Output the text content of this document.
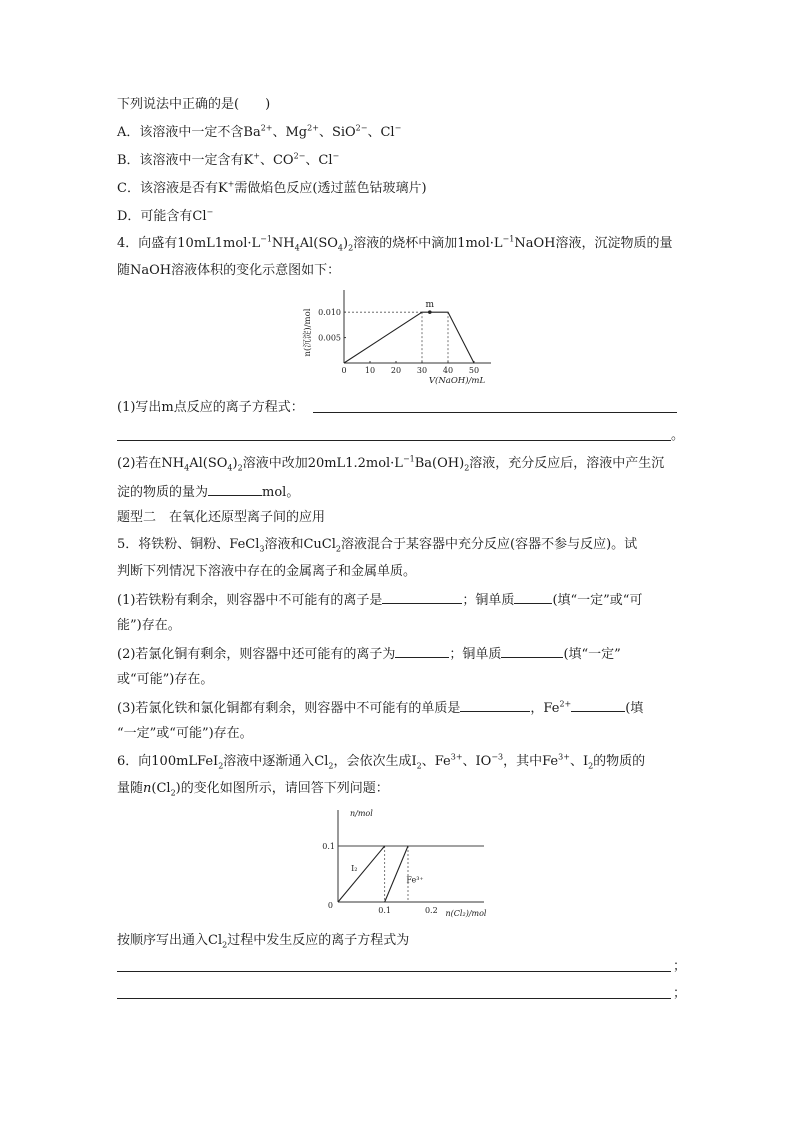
下列说法中正确的是(　　)
A．该溶液中一定不含$Ba^{2+}$、$Mg^{2+}$、SiO$^{2-}$、Cl−
B．该溶液中一定含有K+、$CO^{2-}$、Cl−
C．该溶液是否有K+需做焰色反应(透过蓝色钴玻璃片)
D．可能含有Cl−
4．向盛有$10mL1mol\cdot L^{-1}NH_4Al(SO_4)_2$溶液的烧杯中滴加$1mol\cdot L^{-1}NaOH$溶液，沉淀物质的量
随NaOH溶液体积的变化示意图如下：
0 10 20 30 40 50
0.005
0.010
m
V(NaOH)/mL
n(沉淀)/mol
(1)写出m点反应的离子方程式：
。
(2)若在$NH_4Al(SO_4)_2$溶液中改加$20mL1.2mol\cdot L^{-1}Ba(OH)_2$溶液，充分反应后，溶液中产生沉
淀的物质的量为	mol。
题型二　在氧化还原型离子间的应用
5．将铁粉、铜粉、FeCl$_3$溶液和CuCl$_2$溶液混合于某容器中充分反应(容器不参与反应)。试
判断下列情况下溶液中存在的金属离子和金属单质。
(1)若铁粉有剩余，则容器中不可能有的离子是	；铜单质	(填“一定”或“可
能”)存在。
(2)若氯化铜有剩余，则容器中还可能有的离子为	；铜单质	(填“一定”
或“可能”)存在。
(3)若氯化铁和氯化铜都有剩余，则容器中不可能有的单质是	，$Fe^{2+}$	(填
“一定”或“可能”)存在。
6．向100mLFeI$_2$溶液中逐渐通入$Cl_2$，会依次生成$I_2$、$Fe^{3+}$、$IO^{-3}$，其中$Fe^{3+}$、$I_2$的物质的
量随$n(Cl_2)$的变化如图所示，请回答下列问题：
0
0.1	0.2
0.1
I₂
Fe³⁺
n/mol
n(Cl₂)/mol
按顺序写出通入$Cl_2$过程中发生反应的离子方程式为
；
；
